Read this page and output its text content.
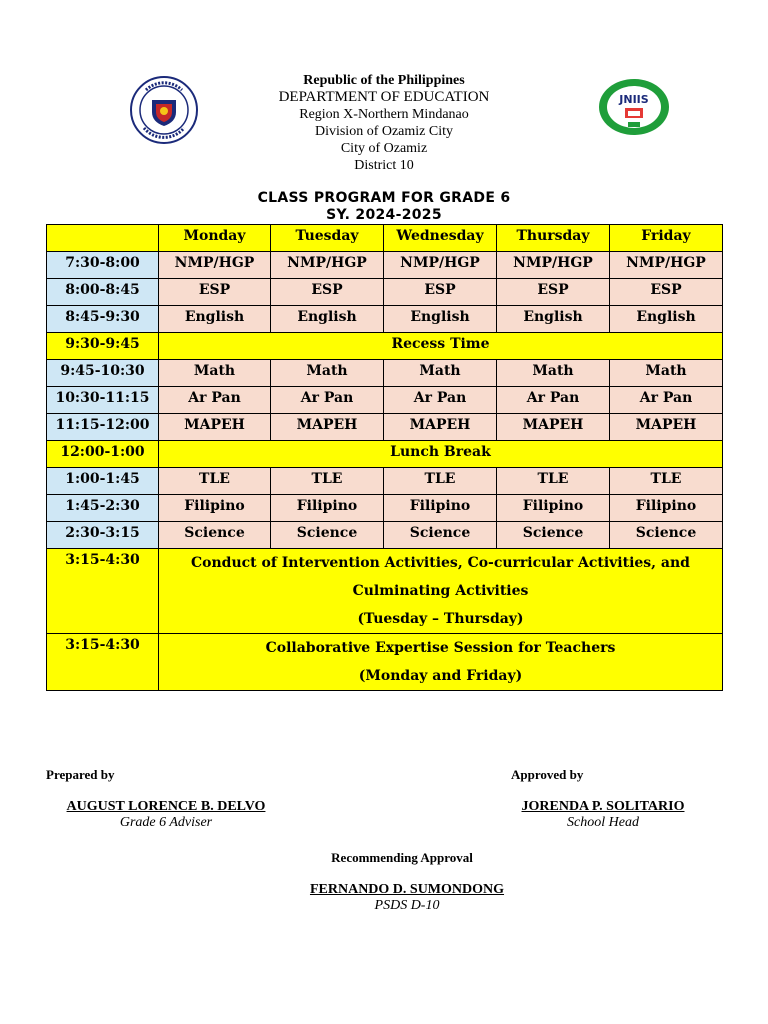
JNIIS
Republic of the Philippines
DEPARTMENT OF EDUCATION
Region X-Northern Mindanao
Division of Ozamiz City
City of Ozamiz
District 10
CLASS PROGRAM FOR GRADE 6
SY. 2024-2025
	Monday	Tuesday	Wednesday	Thursday	Friday
7:30-8:00	NMP/HGP	NMP/HGP	NMP/HGP	NMP/HGP	NMP/HGP
8:00-8:45	ESP	ESP	ESP	ESP	ESP
8:45-9:30	English	English	English	English	English
9:30-9:45	Recess Time				
9:45-10:30	Math	Math	Math	Math	Math
10:30-11:15	Ar Pan	Ar Pan	Ar Pan	Ar Pan	Ar Pan
11:15-12:00	MAPEH	MAPEH	MAPEH	MAPEH	MAPEH
12:00-1:00	Lunch Break				
1:00-1:45	TLE	TLE	TLE	TLE	TLE
1:45-2:30	Filipino	Filipino	Filipino	Filipino	Filipino
2:30-3:15	Science	Science	Science	Science	Science
3:15-4:30	Conduct of Intervention Activities, Co-curricular Activities, and
Culminating Activities
(Tuesday – Thursday)				

3:15-4:30	Collaborative Expertise Session for Teachers
(Monday and Friday)				
Prepared by
AUGUST LORENCE B. DELVO
Grade 6 Adviser
Approved by
JORENDA P. SOLITARIO
School Head
Recommending Approval
FERNANDO D. SUMONDONG
PSDS D-10
